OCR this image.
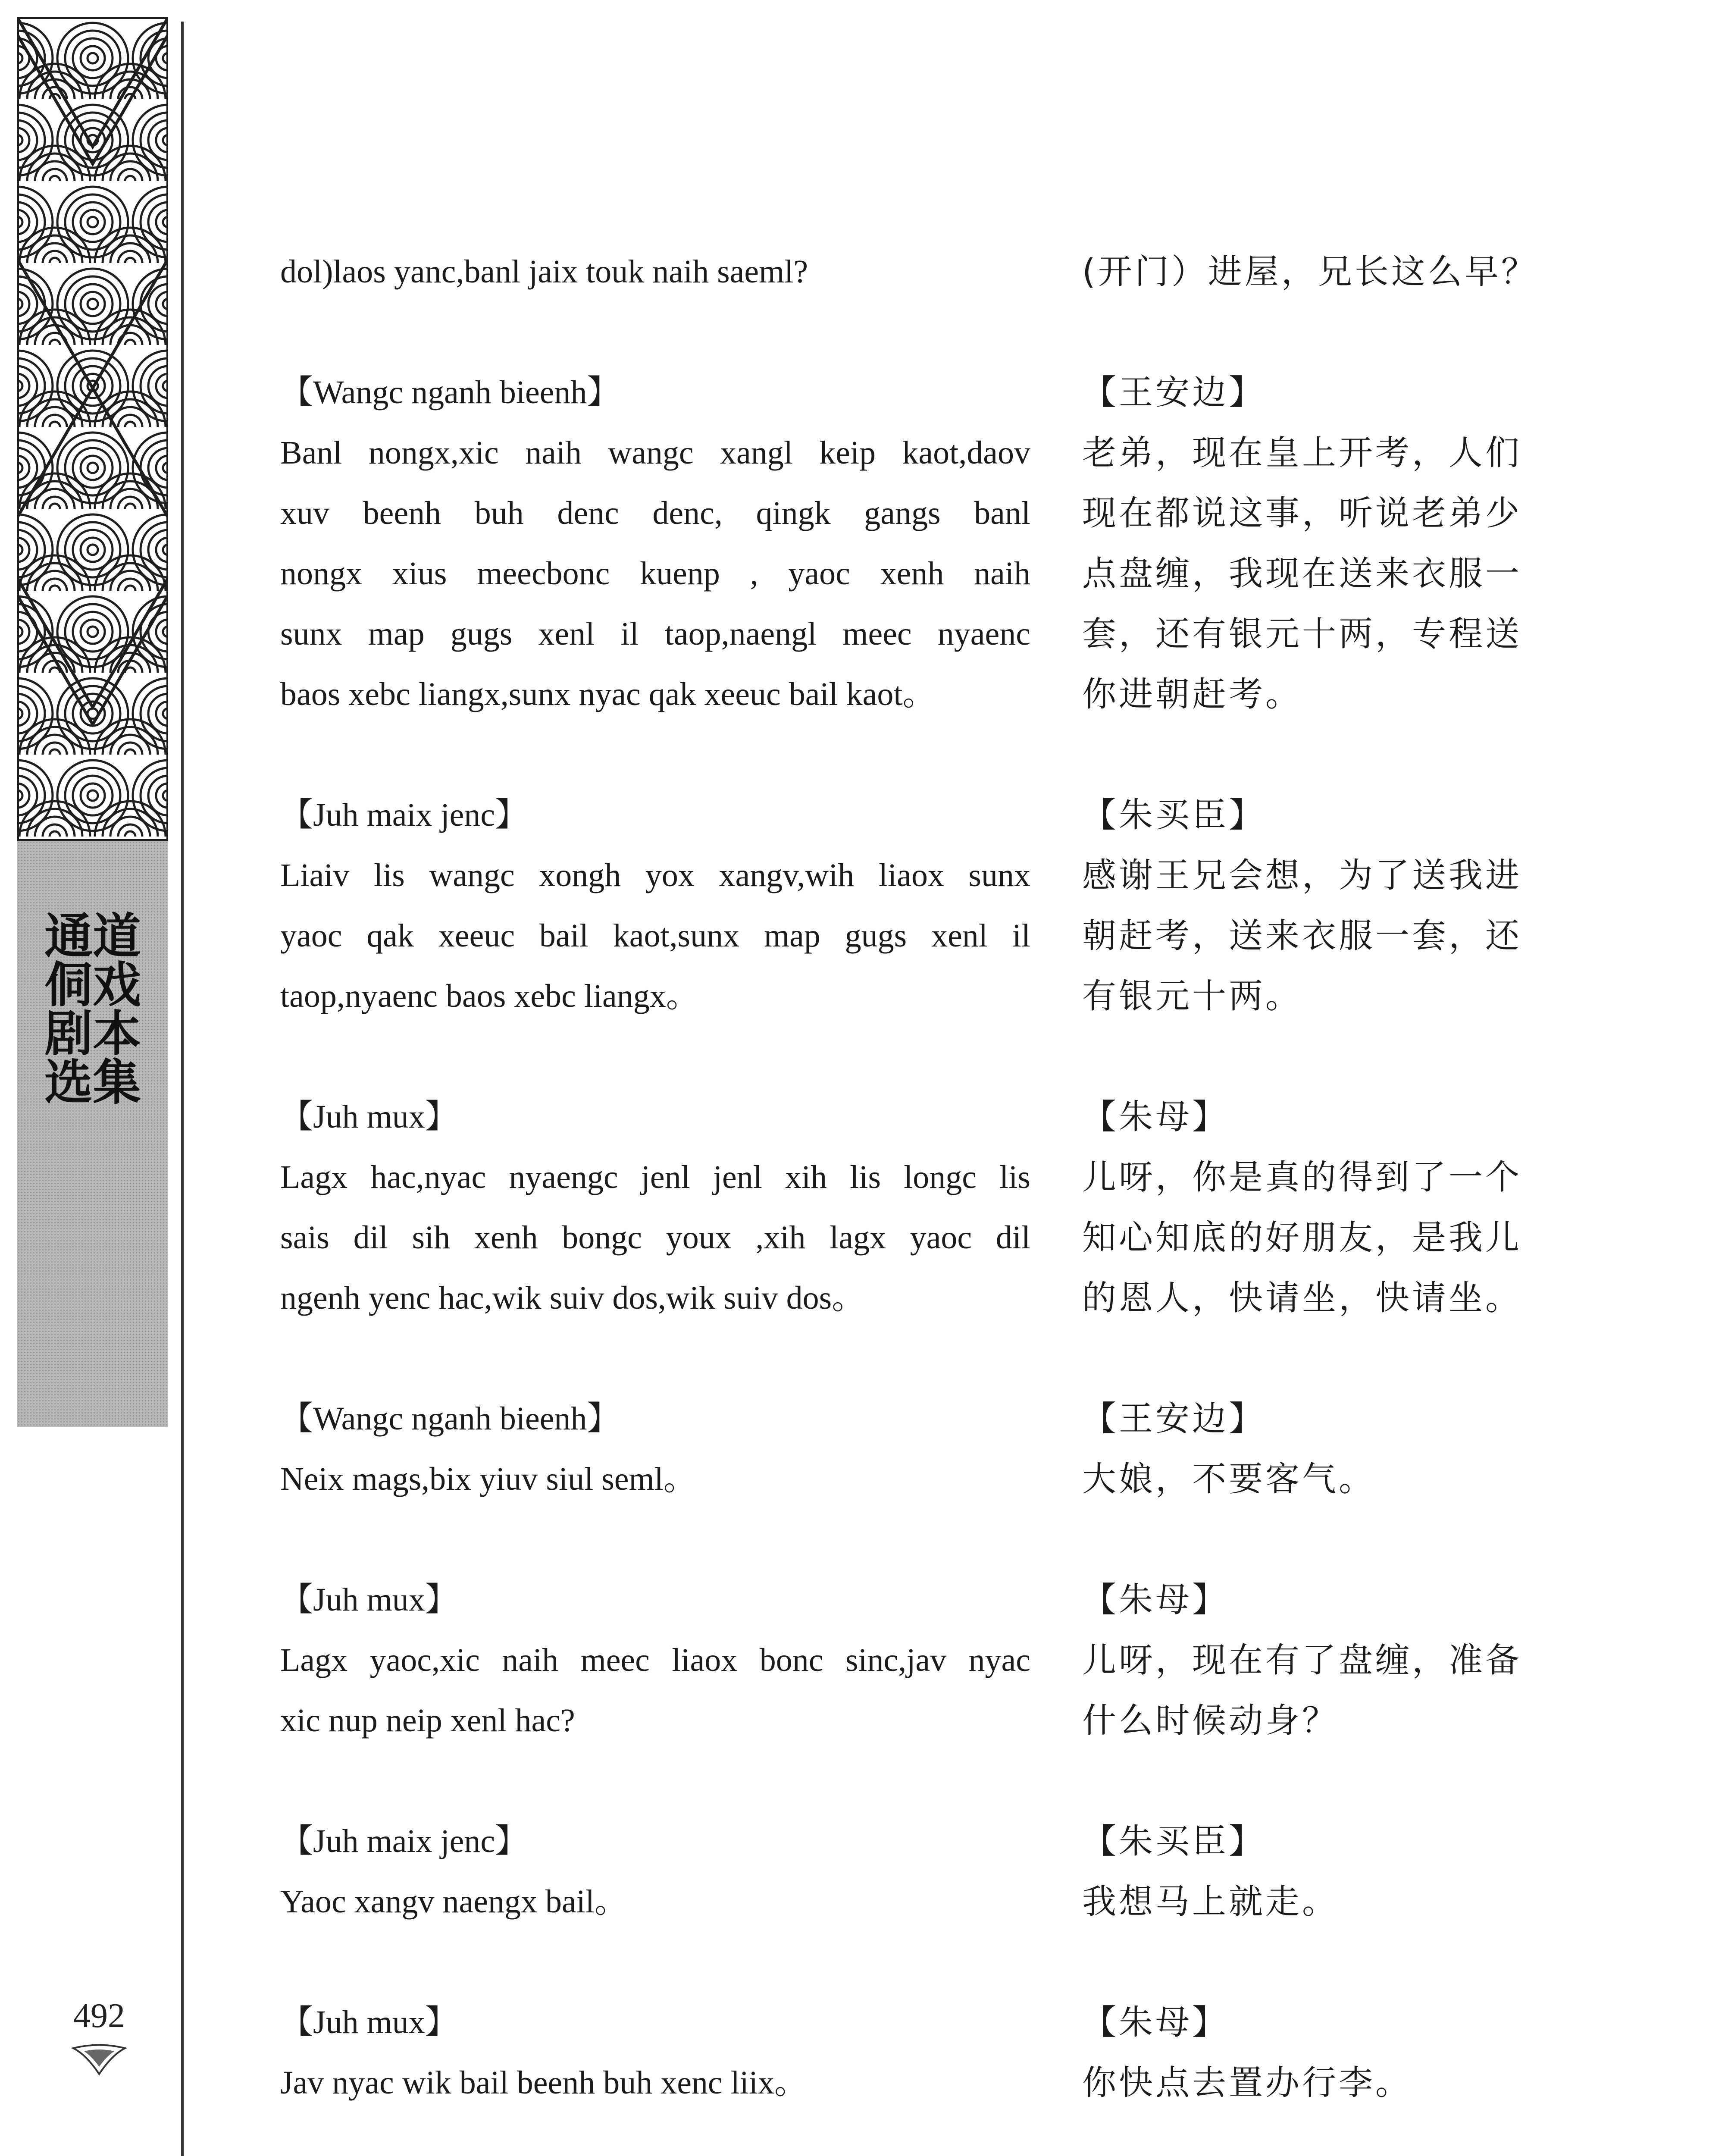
通道侗戏剧本选集
492

dol)laos yanc,banl jaix touk naih saeml?	(开门）进屋，兄长这么早？

【Wangc nganh bieenh】	【王安边】

Banl nongx,xic naih wangc xangl keip kaot,daov 老弟，现在皇上开考，人们

xuv beenh buh denc denc, qingk gangs banl 现在都说这事，听说老弟少

nongx xius meecbonc kuenp , yaoc xenh naih 点盘缠，我现在送来衣服一

sunx map gugs xenl il taop,naengl meec nyaenc 套，还有银元十两，专程送

baos xebc liangx,sunx nyac qak xeeuc bail kaot。	你进朝赶考。

【Juh maix jenc】	【朱买臣】

Liaiv lis wangc xongh yox xangv,wih liaox sunx 感谢王兄会想，为了送我进

yaoc qak xeeuc bail kaot,sunx map gugs xenl il 朝赶考，送来衣服一套，还

taop,nyaenc baos xebc liangx。	有银元十两。

【Juh mux】	【朱母】

Lagx hac,nyac nyaengc jenl jenl xih lis longc lis 儿呀，你是真的得到了一个

sais dil sih xenh bongc youx ,xih lagx yaoc dil 知心知底的好朋友，是我儿

ngenh yenc hac,wik suiv dos,wik suiv dos。	的恩人，快请坐，快请坐。

【Wangc nganh bieenh】	【王安边】

Neix mags,bix yiuv siul seml。	大娘，不要客气。

【Juh mux】	【朱母】

Lagx yaoc,xic naih meec liaox bonc sinc,jav nyac 儿呀，现在有了盘缠，准备

xic nup neip xenl hac?	什么时候动身？

【Juh maix jenc】	【朱买臣】

Yaoc xangv naengx bail。	我想马上就走。

【Juh mux】	【朱母】

Jav nyac wik bail beenh buh xenc liix。	你快点去置办行李。
